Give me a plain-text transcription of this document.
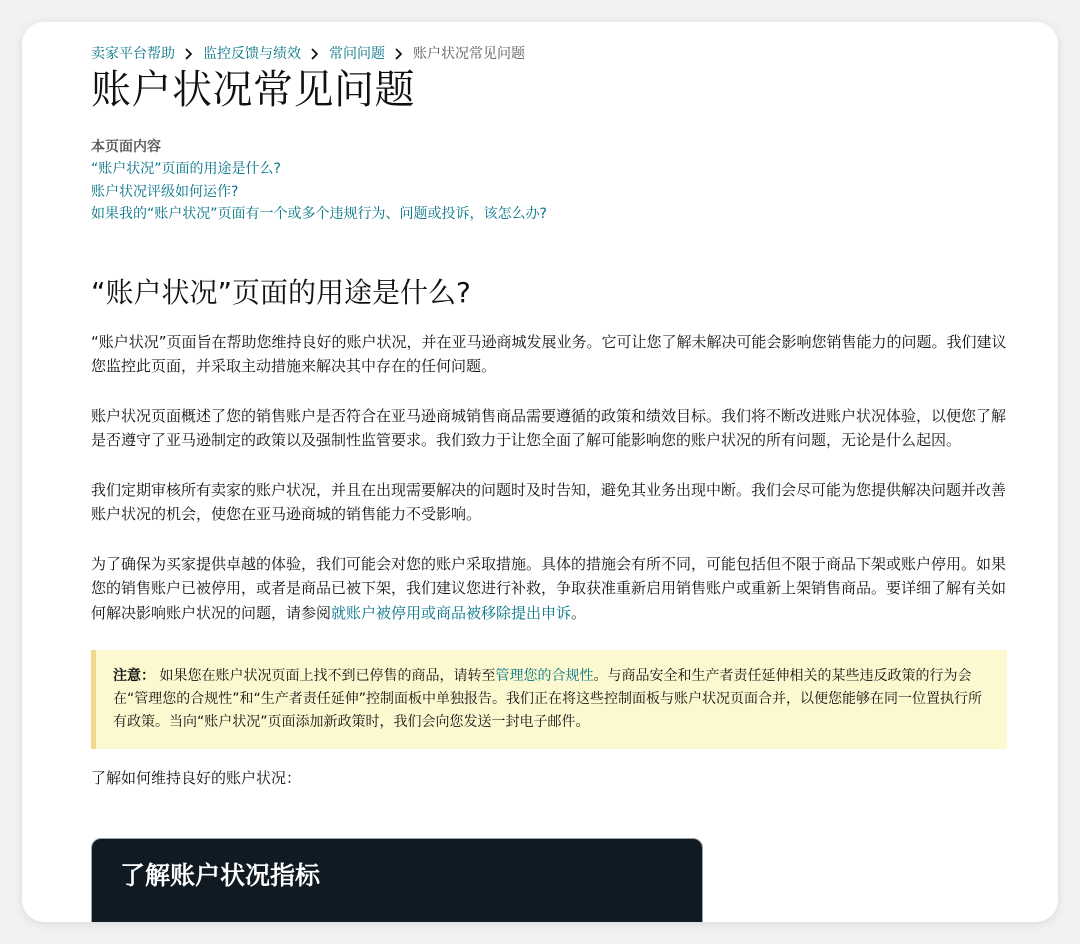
卖家平台帮助 监控反馈与绩效 常问问题 账户状况常见问题
账户状况常见问题
本页面内容
“账户状况”页面的用途是什么?
账户状况评级如何运作?
如果我的“账户状况”页面有一个或多个违规行为、问题或投诉，该怎么办?
“账户状况”页面的用途是什么?

“账户状况”页面旨在帮助您维持良好的账户状况，并在亚马逊商城发展业务。它可让您了解未解决可能会影响您销售能力的问题。我们建议您监控此页面，并采取主动措施来解决其中存在的任何问题。

账户状况页面概述了您的销售账户是否符合在亚马逊商城销售商品需要遵循的政策和绩效目标。我们将不断改进账户状况体验，以便您了解是否遵守了亚马逊制定的政策以及强制性监管要求。我们致力于让您全面了解可能影响您的账户状况的所有问题，无论是什么起因。

我们定期审核所有卖家的账户状况，并且在出现需要解决的问题时及时告知，避免其业务出现中断。我们会尽可能为您提供解决问题并改善账户状况的机会，使您在亚马逊商城的销售能力不受影响。

为了确保为买家提供卓越的体验，我们可能会对您的账户采取措施。具体的措施会有所不同，可能包括但不限于商品下架或账户停用。如果您的销售账户已被停用，或者是商品已被下架，我们建议您进行补救，争取获准重新启用销售账户或重新上架销售商品。要详细了解有关如何解决影响账户状况的问题，请参阅就账户被停用或商品被移除提出申诉。

注意： 如果您在账户状况页面上找不到已停售的商品，请转至管理您的合规性。与商品安全和生产者责任延伸相关的某些违反政策的行为会在“管理您的合规性”和“生产者责任延伸”控制面板中单独报告。我们正在将这些控制面板与账户状况页面合并，以便您能够在同一位置执行所有政策。当向“账户状况”页面添加新政策时，我们会向您发送一封电子邮件。
了解如何维持良好的账户状况：
了解账户状况指标
